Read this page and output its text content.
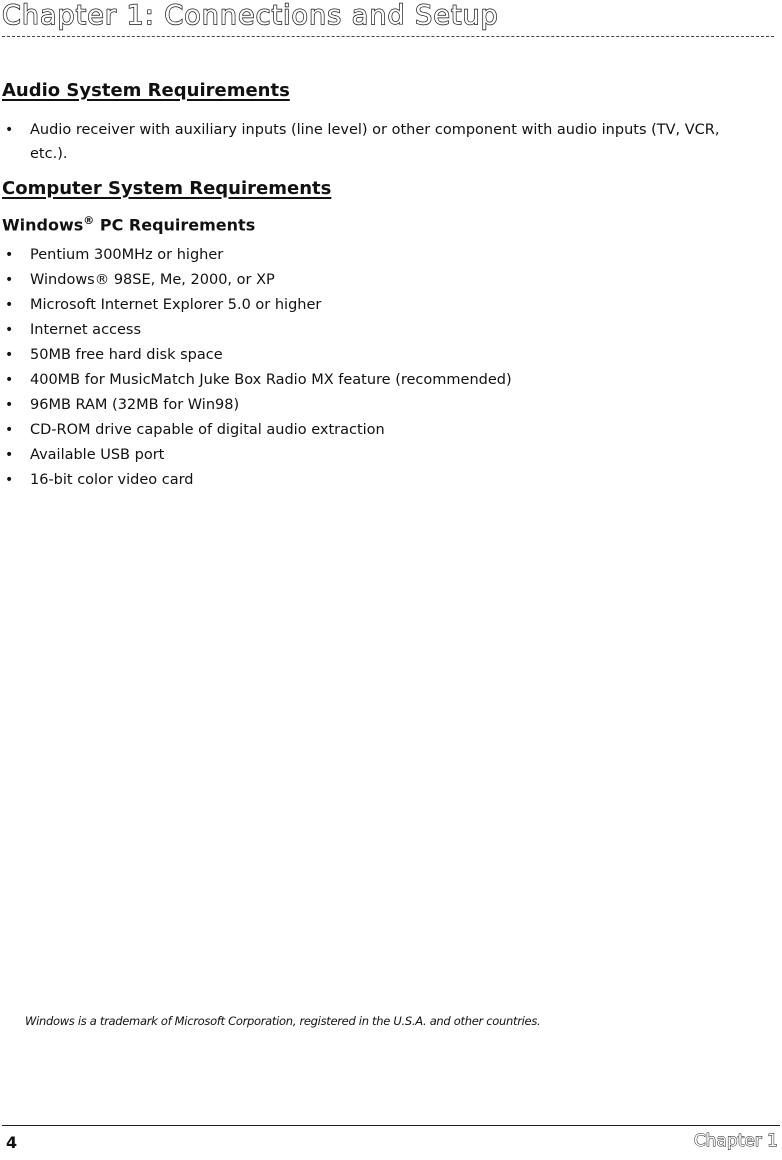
Chapter 1: Connections and Setup
Audio System Requirements
• Audio receiver with auxiliary inputs (line level) or other component with audio inputs (TV, VCR, etc.).
Computer System Requirements
Windows® PC Requirements
• Pentium 300MHz or higher
• Windows® 98SE, Me, 2000, or XP
• Microsoft Internet Explorer 5.0 or higher
• Internet access
• 50MB free hard disk space
• 400MB for MusicMatch Juke Box Radio MX feature (recommended)
• 96MB RAM (32MB for Win98)
• CD-ROM drive capable of digital audio extraction
• Available USB port
• 16-bit color video card

Windows is a trademark of Microsoft Corporation, registered in the U.S.A. and other countries.

4	Chapter 1
